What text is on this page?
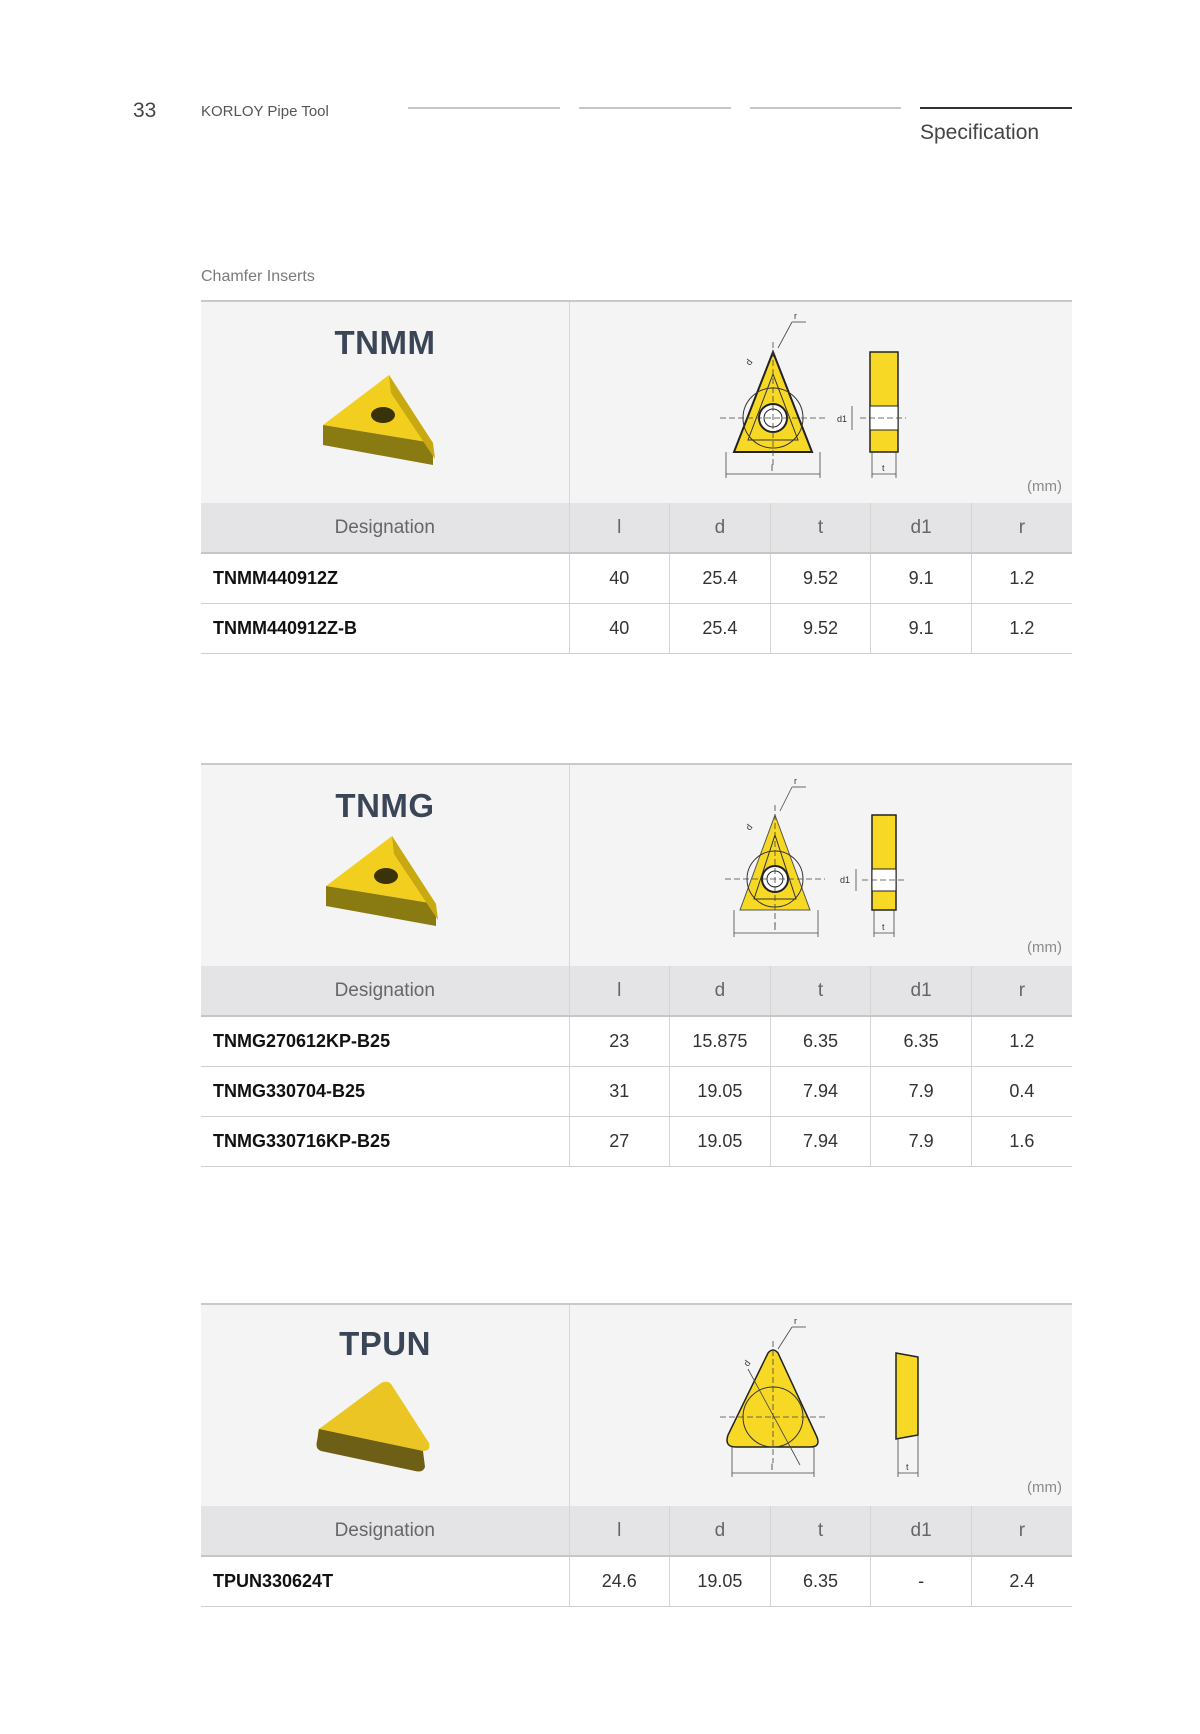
33	KORLOY Pipe Tool
Specification
Chamfer Inserts
TNMM
r
d
l
d1
t
(mm)
Designation	l	d	t	d1	r
TNMM440912Z	40	25.4	9.52	9.1	1.2
TNMM440912Z-B	40	25.4	9.52	9.1	1.2
TNMG
r
d
l
d1
t
(mm)
Designation	l	d	t	d1	r
TNMG270612KP-B25	23	15.875	6.35	6.35	1.2
TNMG330704-B25	31	19.05	7.94	7.9	0.4
TNMG330716KP-B25	27	19.05	7.94	7.9	1.6
TPUN
r
d
l	t
(mm)
Designation	l	d	t	d1	r
TPUN330624T	24.6	19.05	6.35	-	2.4
